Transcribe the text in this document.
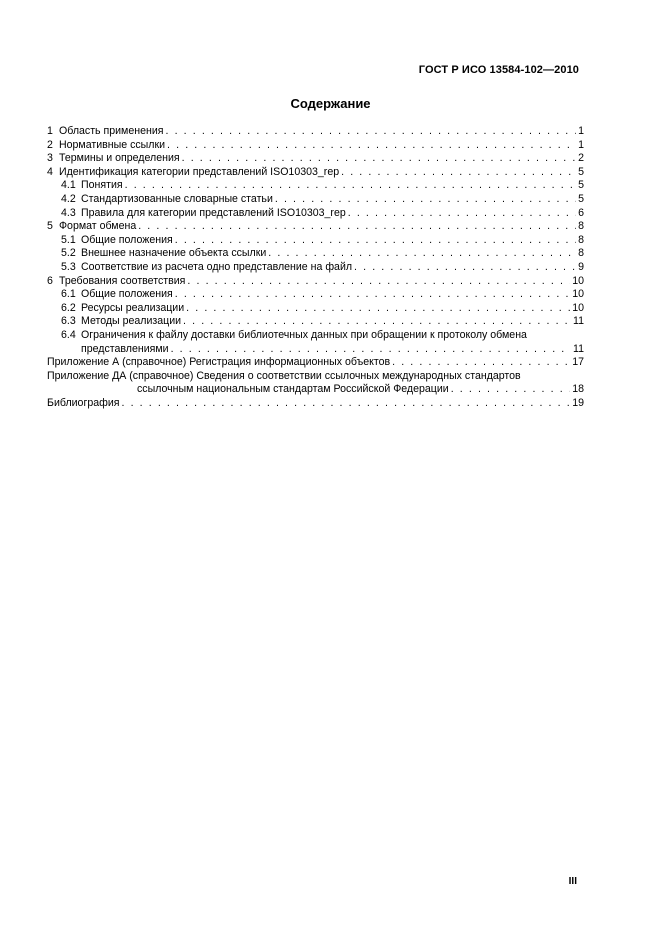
ГОСТ Р ИСО 13584-102—2010
Содержание
1 Область применения . . .	1
2 Нормативные ссылки . . .	1
3 Термины и определения . . .	2
4 Идентификация категории представлений ISO10303_rep . . .	5
4.1 Понятия . . .	5
4.2 Стандартизованные словарные статьи . . .	5
4.3 Правила для категории представлений ISO10303_rep . . .	6
5 Формат обмена . . .	8
5.1 Общие положения . . .	8
5.2 Внешнее назначение объекта ссылки . . .	8
5.3 Соответствие из расчета одно представление на файл . . .	9
6 Требования соответствия . . .	10
6.1 Общие положения . . .	10
6.2 Ресурсы реализации . . .	10
6.3 Методы реализации . . .	11
6.4 Ограничения к файлу доставки библиотечных данных при обращении к протоколу обмена
представлениями . . .	11
Приложение А (справочное) Регистрация информационных объектов . . .	17
Приложение ДА (справочное) Сведения о соответствии ссылочных международных стандартов
ссылочным национальным стандартам Российской Федерации . . .	18
Библиография . . .	19
III
